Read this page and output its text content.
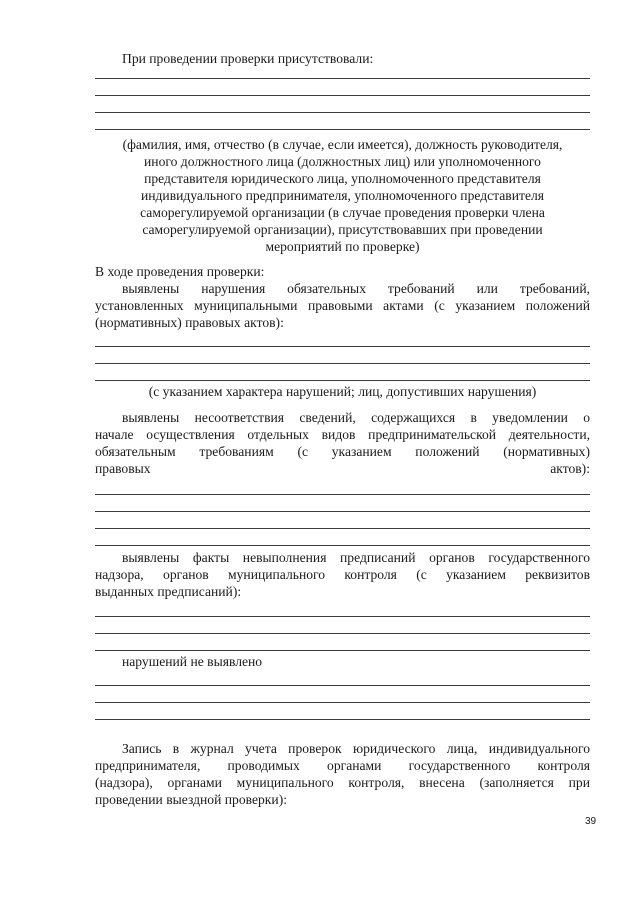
При проведении проверки присутствовали:
(фамилия, имя, отчество (в случае, если имеется), должность руководителя,
иного должностного лица (должностных лиц) или уполномоченного
представителя юридического лица, уполномоченного представителя
индивидуального предпринимателя, уполномоченного представителя
саморегулируемой организации (в случае проведения проверки члена
саморегулируемой организации), присутствовавших при проведении
мероприятий по проверке)
В ходе проведения проверки:
выявлены нарушения обязательных требований или требований,
установленных муниципальными правовыми актами (с указанием положений
(нормативных) правовых актов):
(с указанием характера нарушений; лиц, допустивших нарушения)
выявлены несоответствия сведений, содержащихся в уведомлении о
начале осуществления отдельных видов предпринимательской деятельности,
обязательным требованиям (с указанием положений (нормативных)
правовых	актов):
выявлены факты невыполнения предписаний органов государственного
надзора, органов муниципального контроля (с указанием реквизитов
выданных предписаний):
нарушений не выявлено
Запись в журнал учета проверок юридического лица, индивидуального
предпринимателя, проводимых органами государственного контроля
(надзора), органами муниципального контроля, внесена (заполняется при
проведении выездной проверки):
39
